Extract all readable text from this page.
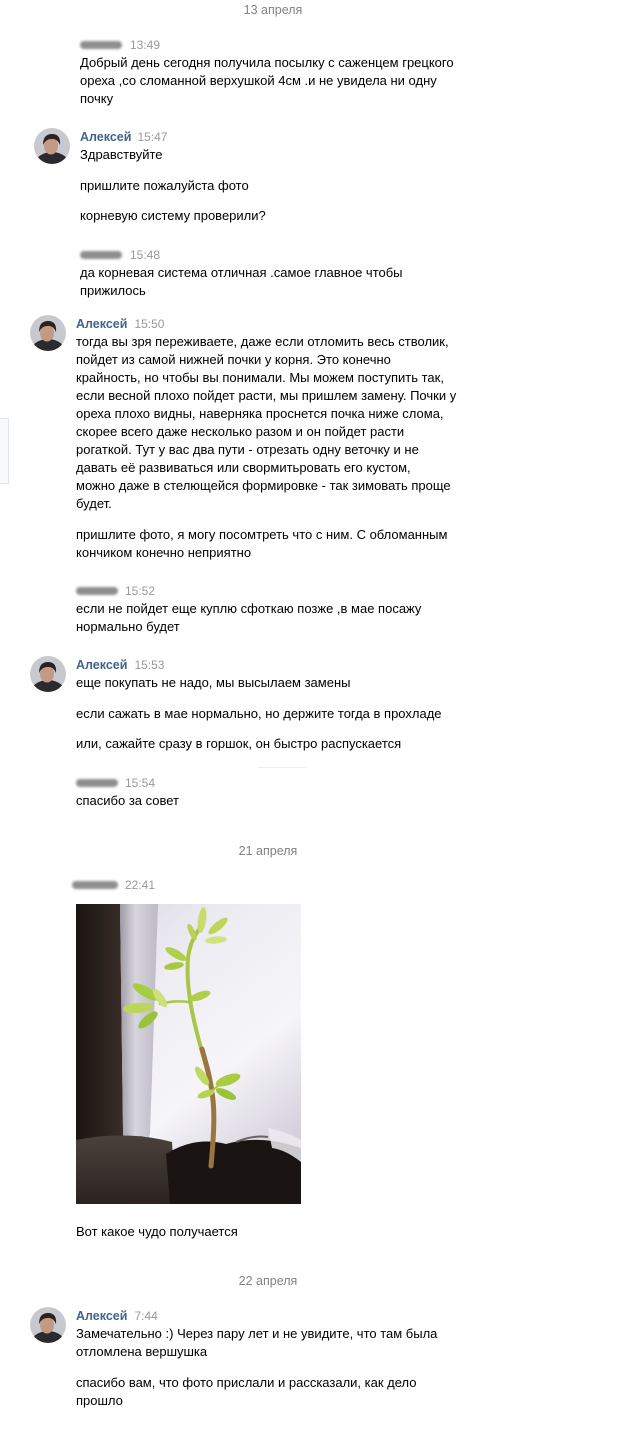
13 апреля
13:49
Добрый день сегодня получила посылку с саженцем грецкого
ореха ,со сломанной верхушкой 4см .и не увидела ни одну
почку
Алексей 15:47
Здравствуйте
пришлите пожалуйста фото
корневую систему проверили?
15:48
да корневая система отличная .самое главное чтобы
прижилось
Алексей 15:50
тогда вы зря переживаете, даже если отломить весь стволик,
пойдет из самой нижней почки у корня. Это конечно
крайность, но чтобы вы понимали. Мы можем поступить так,
если весной плохо пойдет расти, мы пришлем замену. Почки у
ореха плохо видны, наверняка проснется почка ниже слома,
скорее всего даже несколько разом и он пойдет расти
рогаткой. Тут у вас два пути - отрезать одну веточку и не
давать её развиваться или свормитьровать его кустом,
можно даже в стелющейся формировке - так зимовать проще
будет.
пришлите фото, я могу посомтреть что с ним. С обломанным
кончиком конечно неприятно
15:52
если не пойдет еще куплю сфоткаю позже ,в мае посажу
нормально будет
Алексей 15:53
еще покупать не надо, мы высылаем замены
если сажать в мае нормально, но держите тогда в прохладе
или, сажайте сразу в горшок, он быстро распускается
15:54
спасибо за совет
21 апреля
22:41
Вот какое чудо получается
22 апреля
Алексей 7:44
Замечательно :) Через пару лет и не увидите, что там была
отломлена вершушка
спасибо вам, что фото прислали и рассказали, как дело
прошло
